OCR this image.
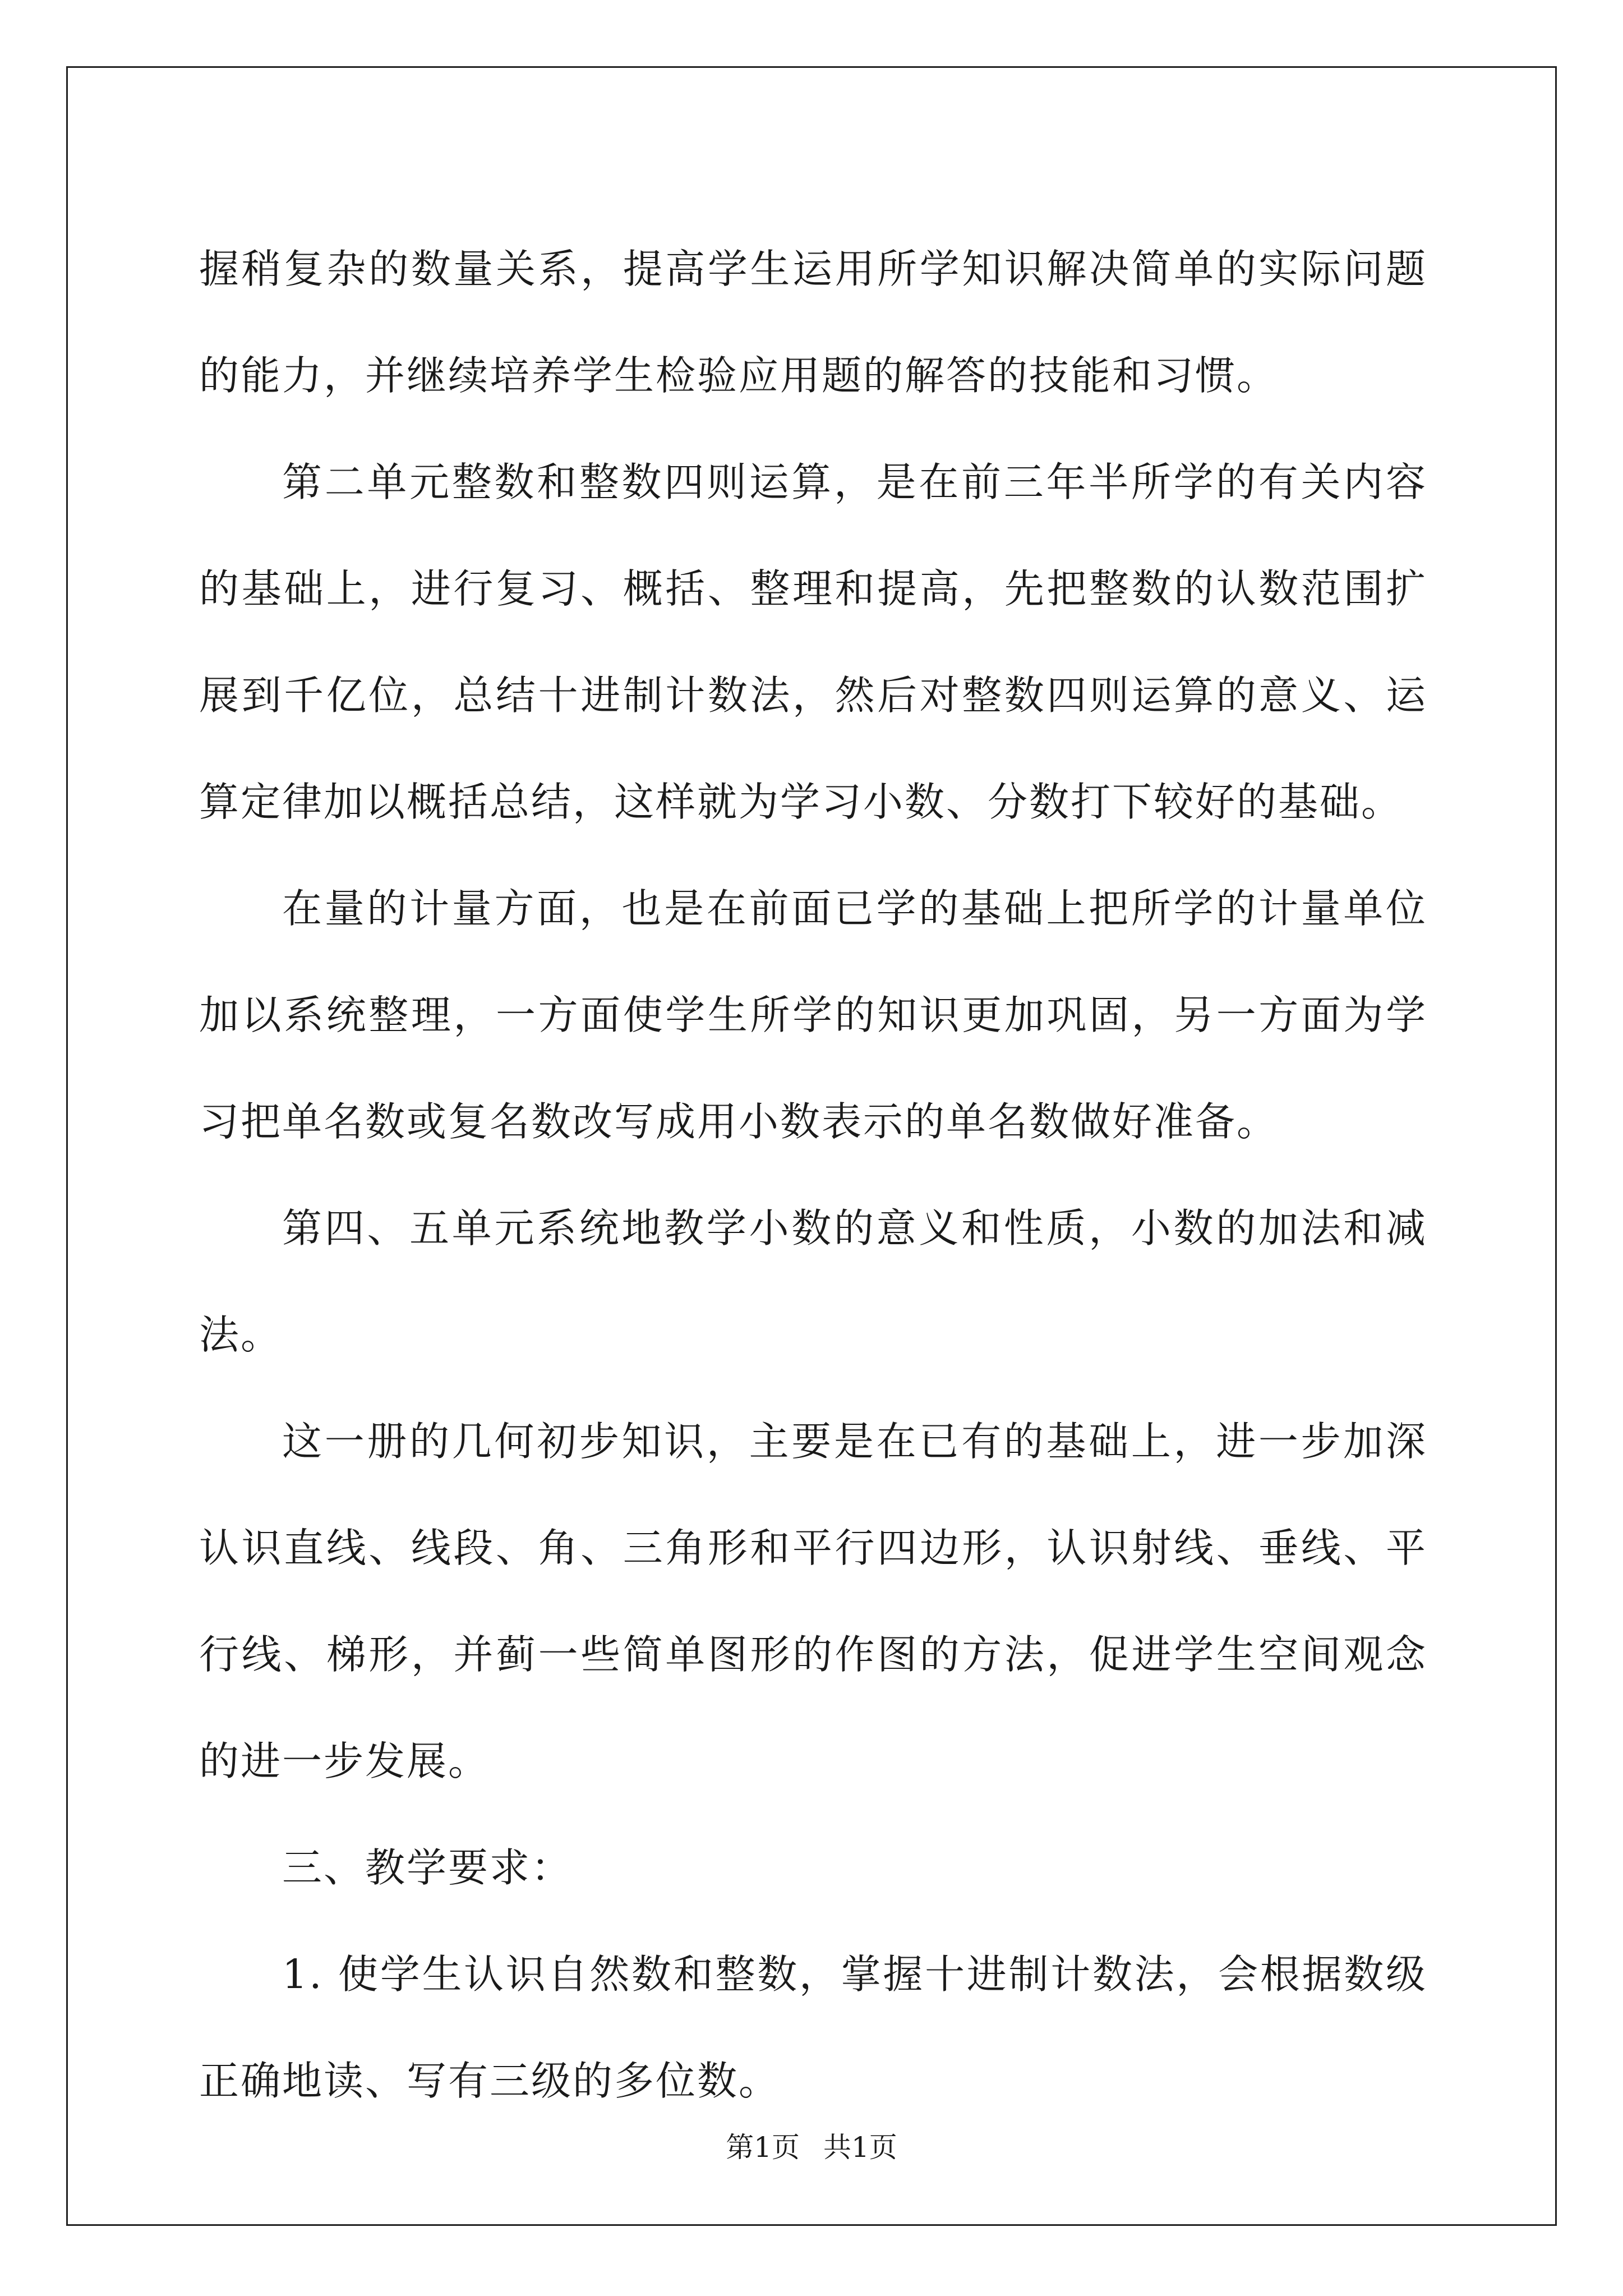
握稍复杂的数量关系，提高学生运用所学知识解决简单的实际问题的能力，并继续培养学生检验应用题的解答的技能和习惯。

第二单元整数和整数四则运算，是在前三年半所学的有关内容的基础上，进行复习、概括、整理和提高，先把整数的认数范围扩展到千亿位，总结十进制计数法，然后对整数四则运算的意义、运算定律加以概括总结，这样就为学习小数、分数打下较好的基础。

在量的计量方面，也是在前面已学的基础上把所学的计量单位加以系统整理，一方面使学生所学的知识更加巩固，另一方面为学习把单名数或复名数改写成用小数表示的单名数做好准备。

第四、五单元系统地教学小数的意义和性质，小数的加法和减法。

这一册的几何初步知识，主要是在已有的基础上，进一步加深认识直线、线段、角、三角形和平行四边形，认识射线、垂线、平行线、梯形，并蓟一些简单图形的作图的方法，促进学生空间观念的进一步发展。

三、教学要求：

1. 使学生认识自然数和整数，掌握十进制计数法，会根据数级正确地读、写有三级的多位数。

第1页 共1页
